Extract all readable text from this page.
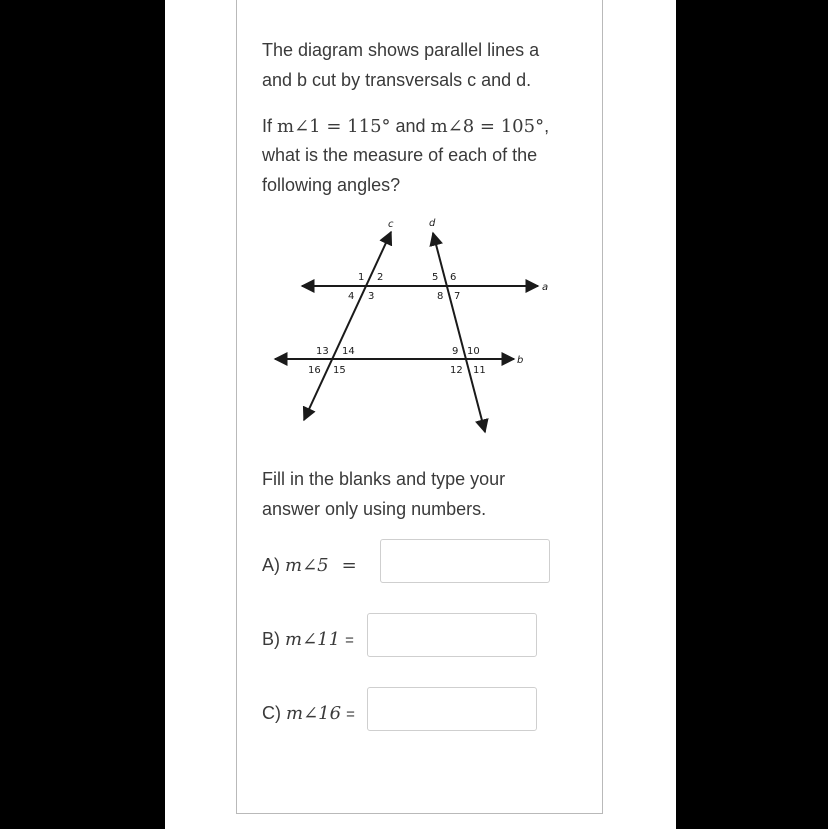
The diagram shows parallel lines a
and b cut by transversals c and d.
If m∠1 = 115° and m∠8 = 105°,
what is the measure of each of the
following angles?
c	d
a
b
1 2
4 3
5 6
8 7
13 14
16 15
9 10
12 11
Fill in the blanks and type your
answer only using numbers.
A) m∠5 =
B) m∠11 =
C) m∠16 =
